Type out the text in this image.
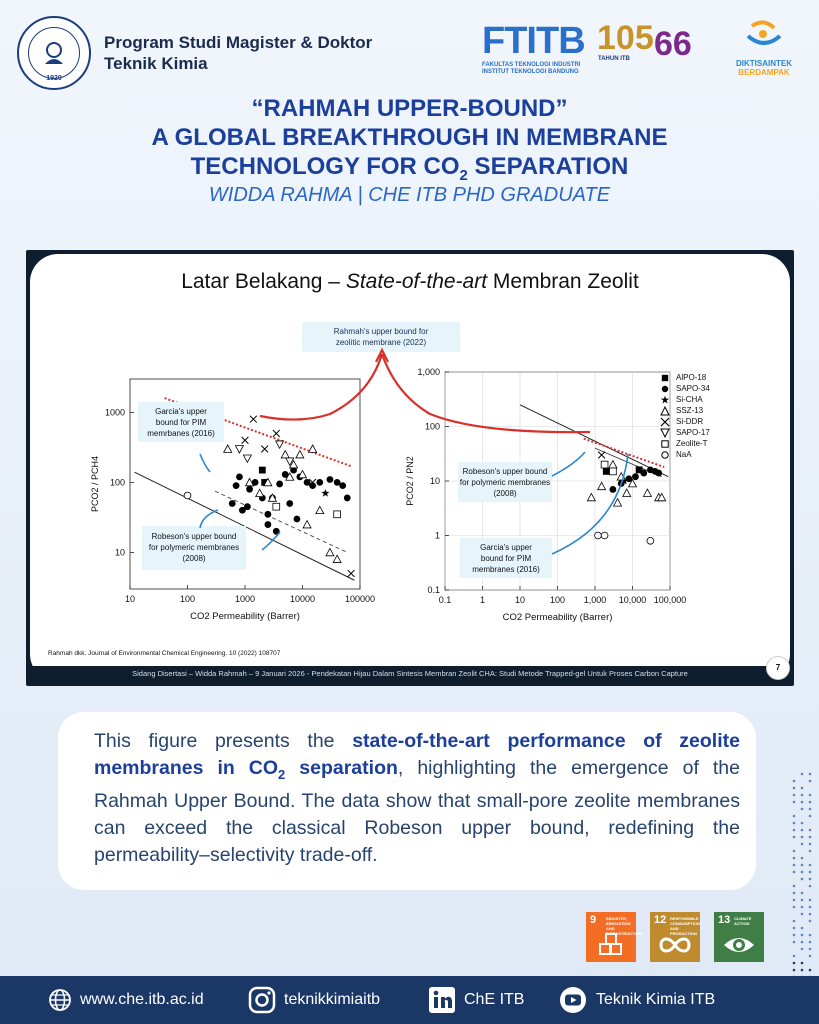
1920
Program Studi Magister & Doktor
Teknik Kimia
FTITB
FAKULTAS TEKNOLOGI INDUSTRI
INSTITUT TEKNOLOGI BANDUNG
105
TAHUN ITB 66
DIKTISAINTEK
BERDAMPAK
“RAHMAH UPPER-BOUND”
A GLOBAL BREAKTHROUGH IN MEMBRANE
TECHNOLOGY FOR $CO_2$ SEPARATION
WIDDA RAHMA | CHE ITB PHD GRADUATE
Latar Belakang – State-of-the-art Membran Zeolit
Rahmah's upper bound for
zeolitic membrane (2022)
10	100	1000	10000	100000
10
100
1000
CO2 Permeability (Barrer)
PCO2 / PCH4
Garcia's upper
bound for PIM
memrbanes (2016)
Robeson's upper bound
for polymeric membranes
(2008)
0.1	1	10	100 1,000 10,000 100,000
0.1
1
10
100
1,000
CO2 Permeability (Barrer)
PCO2 / PN2	Robeson's upper bound
for polymeric membranes
(2008)
Garcia's upper
bound for PIM
membranes (2016)
AlPO-18
SAPO-34
Si-CHA
SSZ-13
Si-DDR
SAPO-17
Zeolite-T
NaA
Rahmah dkk. Journal of Environmental Chemical Engineering. 10 (2022) 108707
Sidang Disertasi – Widda Rahmah – 9 Januari 2026 - Pendekatan Hijau Dalam Sintesis Membran Zeolit CHA: Studi Metode Trapped-gel Untuk Proses Carbon Capture
7
This figure presents the state-of-the-art performance of zeolite membranes in $CO_2$ separation, highlighting the emergence of the Rahmah Upper Bound. The data show that small-pore zeolite membranes can exceed the classical Robeson upper bound, redefining the permeability–selectivity trade-off.
9 INDUSTRY, INNOVATION AND INFRASTRUCTURE
12 RESPONSIBLE CONSUMPTION AND PRODUCTION
13 CLIMATE ACTION
www.che.itb.ac.id	teknikkimiaitb	ChE ITB	Teknik Kimia ITB
